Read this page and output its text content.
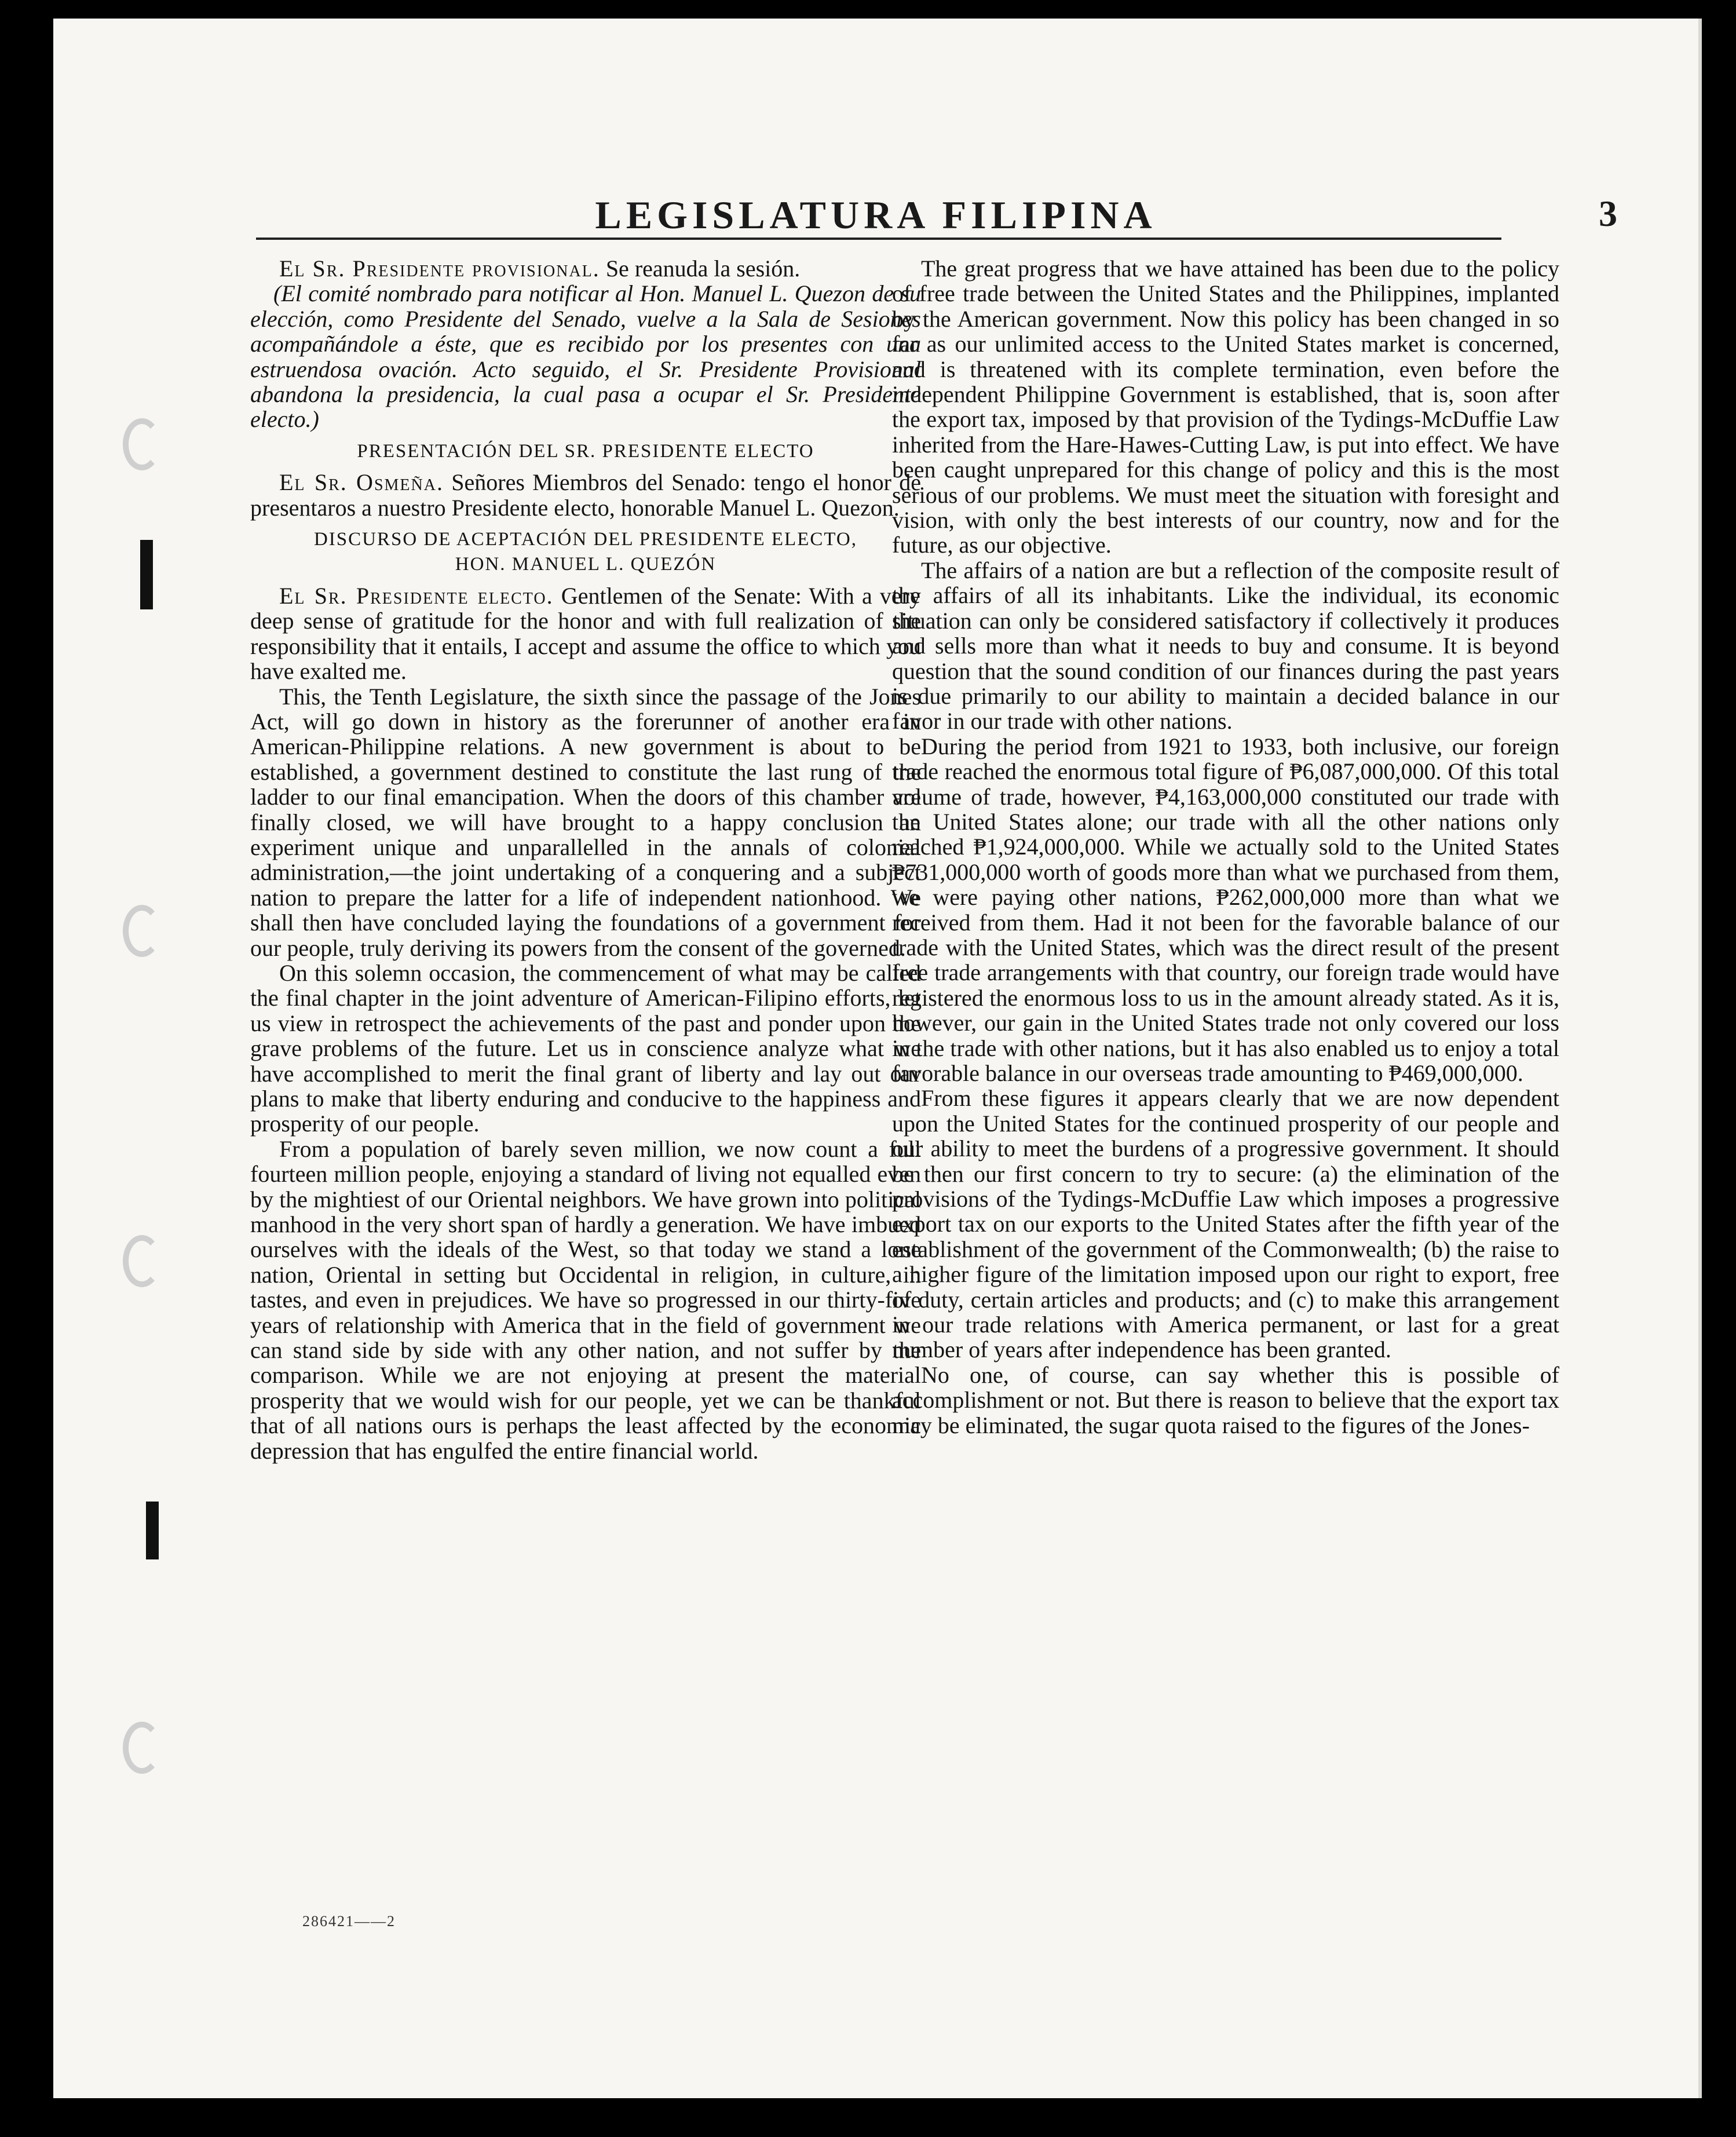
LEGISLATURA FILIPINA	3

El Sr. Presidente provisional. Se reanuda la sesión.

(El comité nombrado para notificar al Hon. Manuel L. Quezon de su elección, como Presidente del Senado, vuelve a la Sala de Sesiones acompañándole a éste, que es recibido por los presentes con una estruendosa ovación. Acto seguido, el Sr. Presidente Provisional abandona la presidencia, la cual pasa a ocupar el Sr. Presidente electo.)

PRESENTACIÓN DEL SR. PRESIDENTE ELECTO

El Sr. Osmeña. Señores Miembros del Senado: tengo el honor de presentaros a nuestro Presidente electo, honorable Manuel L. Quezon.

DISCURSO DE ACEPTACIÓN DEL PRESIDENTE ELECTO,
HON. MANUEL L. QUEZÓN

El Sr. Presidente electo. Gentlemen of the Senate: With a very deep sense of gratitude for the honor and with full realization of the responsibility that it entails, I accept and assume the office to which you have exalted me.

This, the Tenth Legislature, the sixth since the passage of the Jones Act, will go down in history as the forerunner of another era in American-Philippine relations. A new government is about to be established, a government destined to constitute the last rung of the ladder to our final emancipation. When the doors of this chamber are finally closed, we will have brought to a happy conclusion an experiment unique and unparallelled in the annals of colonial administration,—the joint undertaking of a conquering and a subject nation to prepare the latter for a life of independent nationhood. We shall then have concluded laying the foundations of a government for our people, truly deriving its powers from the consent of the governed.

On this solemn occasion, the commencement of what may be called the final chapter in the joint adventure of American-Filipino efforts, let us view in retrospect the achievements of the past and ponder upon the grave problems of the future. Let us in conscience analyze what we have accomplished to merit the final grant of liberty and lay out our plans to make that liberty enduring and conducive to the happiness and prosperity of our people.

From a population of barely seven million, we now count a full fourteen million people, enjoying a standard of living not equalled even by the mightiest of our Oriental neighbors. We have grown into political manhood in the very short span of hardly a generation. We have imbued ourselves with the ideals of the West, so that today we stand a lone nation, Oriental in setting but Occidental in religion, in culture, in tastes, and even in prejudices. We have so progressed in our thirty-five years of relationship with America that in the field of government we can stand side by side with any other nation, and not suffer by the comparison. While we are not enjoying at present the material prosperity that we would wish for our people, yet we can be thankful that of all nations ours is perhaps the least affected by the economic depression that has engulfed the entire financial world.

286421——2

The great progress that we have attained has been due to the policy of free trade between the United States and the Philippines, implanted by the American government. Now this policy has been changed in so far as our unlimited access to the United States market is concerned, and is threatened with its complete termination, even before the independent Philippine Government is established, that is, soon after the export tax, imposed by that provision of the Tydings-McDuffie Law inherited from the Hare-Hawes-Cutting Law, is put into effect. We have been caught unprepared for this change of policy and this is the most serious of our problems. We must meet the situation with foresight and vision, with only the best interests of our country, now and for the future, as our objective.

The affairs of a nation are but a reflection of the composite result of the affairs of all its inhabitants. Like the individual, its economic situation can only be considered satisfactory if collectively it produces and sells more than what it needs to buy and consume. It is beyond question that the sound condition of our finances during the past years is due primarily to our ability to maintain a decided balance in our favor in our trade with other nations.

During the period from 1921 to 1933, both inclusive, our foreign trade reached the enormous total figure of ₱6,087,000,000. Of this total volume of trade, however, ₱4,163,000,000 constituted our trade with the United States alone; our trade with all the other nations only reached ₱1,924,000,000. While we actually sold to the United States ₱731,000,000 worth of goods more than what we purchased from them, we were paying other nations, ₱262,000,000 more than what we received from them. Had it not been for the favorable balance of our trade with the United States, which was the direct result of the present free trade arrangements with that country, our foreign trade would have registered the enormous loss to us in the amount already stated. As it is, however, our gain in the United States trade not only covered our loss in the trade with other nations, but it has also enabled us to enjoy a total favorable balance in our overseas trade amounting to ₱469,000,000.

From these figures it appears clearly that we are now dependent upon the United States for the continued prosperity of our people and our ability to meet the burdens of a progressive government. It should be then our first concern to try to secure: (a) the elimination of the provisions of the Tydings-McDuffie Law which imposes a progressive export tax on our exports to the United States after the fifth year of the establishment of the government of the Commonwealth; (b) the raise to a higher figure of the limitation imposed upon our right to export, free of duty, certain articles and products; and (c) to make this arrangement in our trade relations with America permanent, or last for a great number of years after independence has been granted.

No one, of course, can say whether this is possible of accomplishment or not. But there is reason to believe that the export tax may be eliminated, the sugar quota raised to the figures of the Jones-
